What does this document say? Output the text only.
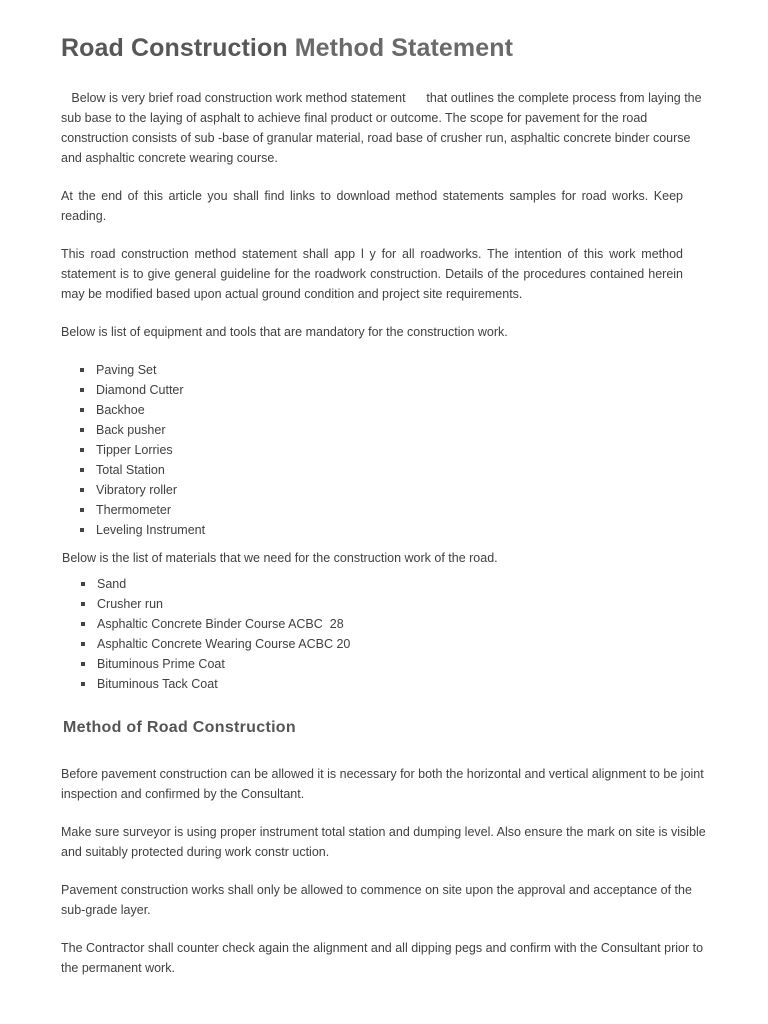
Road Construction Method Statement

Below is very brief road construction work method statement      that outlines the complete process from laying the sub base to the laying of asphalt to achieve final product or outcome. The scope for pavement for the road construction consists of sub -base of granular material, road base of crusher run, asphaltic concrete binder course and asphaltic concrete wearing course.

At the end of this article you shall find links to download method statements samples for road works. Keep reading.

This road construction method statement shall app l y for all roadworks. The intention of this work method statement is to give general guideline for the roadwork construction. Details of the procedures contained herein may be modified based upon actual ground condition and project site requirements.

Below is list of equipment and tools that are mandatory for the construction work.

Paving Set
Diamond Cutter
Backhoe
Back pusher
Tipper Lorries
Total Station
Vibratory roller
Thermometer
Leveling Instrument

Below is the list of materials that we need for the construction work of the road.

Sand
Crusher run
Asphaltic Concrete Binder Course ACBC  28
Asphaltic Concrete Wearing Course ACBC 20
Bituminous Prime Coat
Bituminous Tack Coat
Method of Road Construction

Before pavement construction can be allowed it is necessary for both the horizontal and vertical alignment to be joint inspection and confirmed by the Consultant.

Make sure surveyor is using proper instrument total station and dumping level. Also ensure the mark on site is visible and suitably protected during work constr uction.

Pavement construction works shall only be allowed to commence on site upon the approval and acceptance of the sub-grade layer.

The Contractor shall counter check again the alignment and all dipping pegs and confirm with the Consultant prior to the permanent work.
